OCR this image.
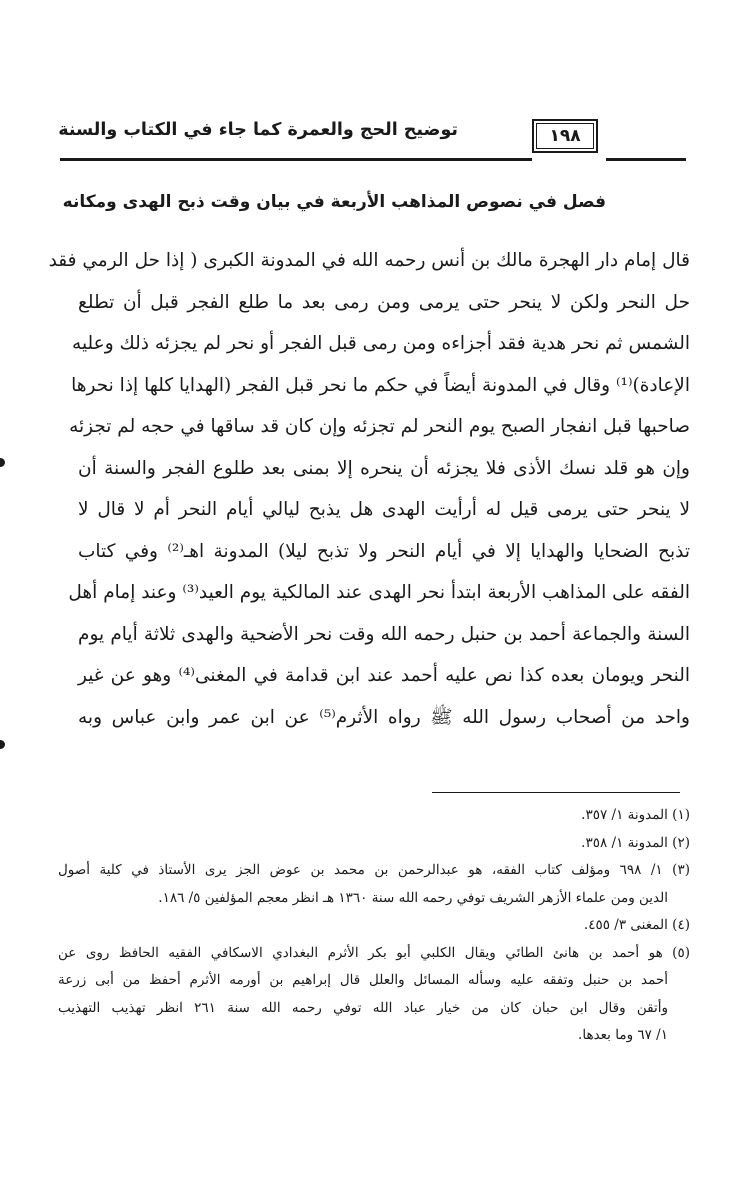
توضيح الحج والعمرة كما جاء في الكتاب والسنة	١٩٨
فصل في نصوص المذاهب الأربعة في بيان وقت ذبح الهدى ومكانه
قال إمام دار الهجرة مالك بن أنس رحمه الله في المدونة الكبرى ( إذا حل الرمي فقد
حل النحر ولكن لا ينحر حتى يرمى ومن رمى بعد ما طلع الفجر قبل أن تطلع
الشمس ثم نحر هدية فقد أجزاءه ومن رمى قبل الفجر أو نحر لم يجزئه ذلك وعليه
الإعادة)⁽¹⁾ وقال في المدونة أيضاً في حكم ما نحر قبل الفجر (الهدايا كلها إذا نحرها
صاحبها قبل انفجار الصبح يوم النحر لم تجزئه وإن كان قد ساقها في حجه لم تجزئه
وإن هو قلد نسك الأذى فلا يجزئه أن ينحره إلا بمنى بعد طلوع الفجر والسنة أن
لا ينحر حتى يرمى قيل له أرأيت الهدى هل يذبح ليالي أيام النحر أم لا قال لا
تذبح الضحايا والهدايا إلا في أيام النحر ولا تذبح ليلا) المدونة اهـ⁽²⁾ وفي كتاب
الفقه على المذاهب الأربعة ابتدأ نحر الهدى عند المالكية يوم العيد⁽³⁾ وعند إمام أهل
السنة والجماعة أحمد بن حنبل رحمه الله وقت نحر الأضحية والهدى ثلاثة أيام يوم
النحر ويومان بعده كذا نص عليه أحمد عند ابن قدامة في المغنى⁽⁴⁾ وهو عن غير
واحد من أصحاب رسول الله ﷺ رواه الأثرم⁽⁵⁾ عن ابن عمر وابن عباس وبه
(١) المدونة ١/ ٣٥٧.
(٢) المدونة ١/ ٣٥٨.
(٣) ١/ ٦٩٨ ومؤلف كتاب الفقه، هو عبدالرحمن بن محمد بن عوض الجز يرى الأستاذ في كلية أصول
الدين ومن علماء الأزهر الشريف توفي رحمه الله سنة ١٣٦٠ هـ انظر معجم المؤلفين ٥/ ١٨٦.
(٤) المغنى ٣/ ٤٥٥.
(٥) هو أحمد بن هانئ الطائي ويقال الكلبي أبو بكر الأثرم البغدادي الاسكافي الفقيه الحافظ روى عن
أحمد بن حنبل وتفقه عليه وسأله المسائل والعلل قال إبراهيم بن أورمه الأثرم أحفظ من أبى زرعة
وأتقن وقال ابن حبان كان من خيار عباد الله توفي رحمه الله سنة ٢٦١ انظر تهذيب التهذيب
١/ ٦٧ وما بعدها.
